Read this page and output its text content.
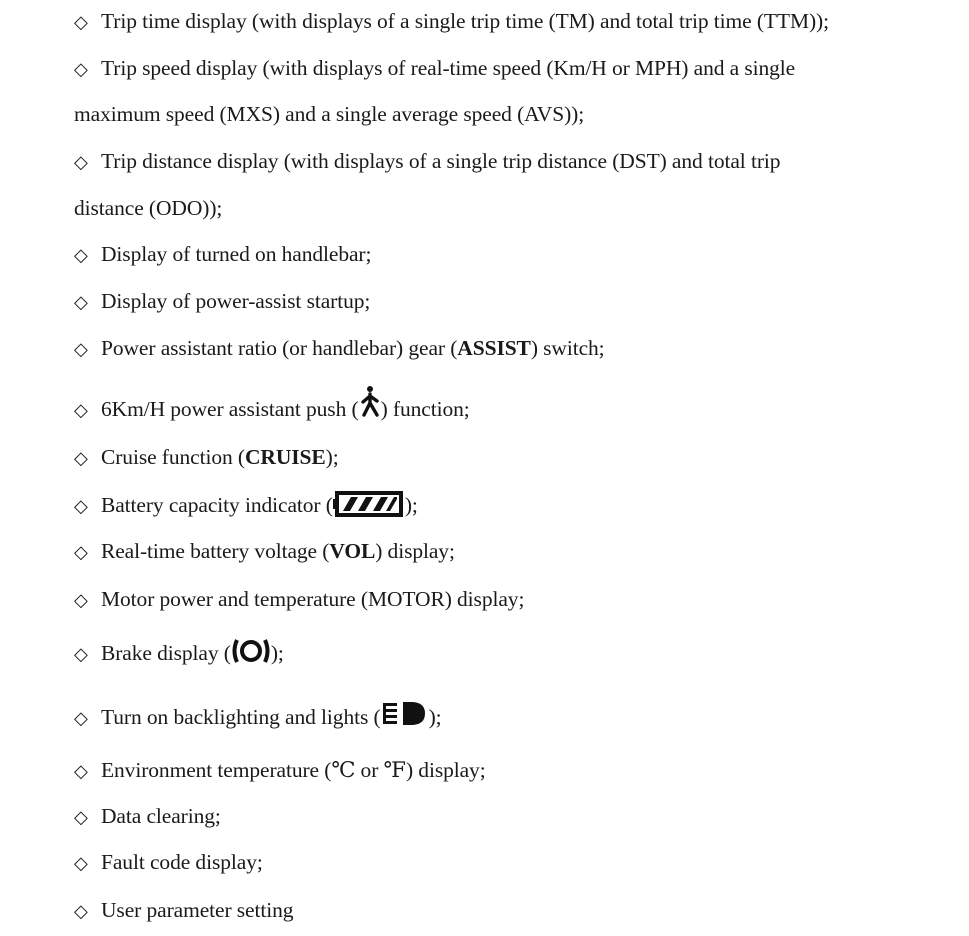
◇ Trip time display (with displays of a single trip time (TM) and total trip time (TTM));
◇ Trip speed display (with displays of real-time speed (Km/H or MPH) and a single
maximum speed (MXS) and a single average speed (AVS));
◇ Trip distance display (with displays of a single trip distance (DST) and total trip
distance (ODO));
◇ Display of turned on handlebar;
◇ Display of power-assist startup;
◇ Power assistant ratio (or handlebar) gear (ASSIST) switch;
◇ 6Km/H power assistant push ( ) function;
◇ Cruise function (CRUISE);
◇ Battery capacity indicator (	);
◇ Real-time battery voltage (VOL) display;
◇ Motor power and temperature (MOTOR) display;
◇ Brake display ( );
◇ Turn on backlighting and lights ( );
◇ Environment temperature (℃ or ℉) display;
◇ Data clearing;
◇ Fault code display;
◇ User parameter setting
